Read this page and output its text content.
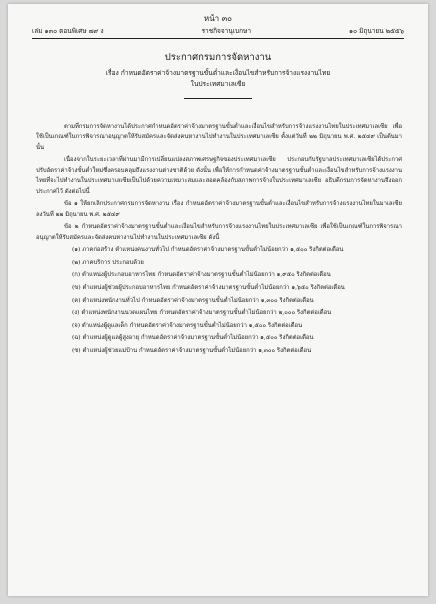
หน้า ๓๐
เล่ม ๑๓๐ ตอนพิเศษ ๗๙ ง	ราชกิจจานุเบกษา	๑๐ มิถุนายน ๒๕๕๖
ประกาศกรมการจัดหางาน
เรื่อง กำหนดอัตราค่าจ้างมาตรฐานขั้นต่ำและเงื่อนไขสำหรับการจ้างแรงงานไทย
ในประเทศมาเลเซีย

ตามที่กรมการจัดหางานได้ประกาศกำหนดอัตราค่าจ้างมาตรฐานขั้นต่ำและเงื่อนไขสำหรับการจ้างแรงงานไทยในประเทศมาเลเซีย เพื่อใช้เป็นเกณฑ์ในการพิจารณาอนุญาตให้รับสมัครและจัดส่งคนหางานไปทำงานในประเทศมาเลเซีย ตั้งแต่วันที่ ๒๒ มิถุนายน พ.ศ. ๒๕๔๙ เป็นต้นมา นั้น

เนื่องจากในระยะเวลาที่ผ่านมามีการเปลี่ยนแปลงสภาพเศรษฐกิจของประเทศมาเลเซีย ประกอบกับรัฐบาลประเทศมาเลเซียได้ประกาศปรับอัตราค่าจ้างขั้นต่ำใหม่ซึ่งครอบคลุมถึงแรงงานต่างชาติด้วย ดังนั้น เพื่อให้การกำหนดค่าจ้างมาตรฐานขั้นต่ำและเงื่อนไขสำหรับการจ้างแรงงานไทยที่จะไปทำงานในประเทศมาเลเซียเป็นไปด้วยความเหมาะสมและสอดคล้องกับสภาพการจ้างในประเทศมาเลเซีย อธิบดีกรมการจัดหางานจึงออกประกาศไว้ ดังต่อไปนี้

ข้อ ๑ ให้ยกเลิกประกาศกรมการจัดหางาน เรื่อง กำหนดอัตราค่าจ้างมาตรฐานขั้นต่ำและเงื่อนไขสำหรับการจ้างแรงงานไทยในมาเลเซีย ลงวันที่ ๒๒ มิถุนายน พ.ศ. ๒๕๔๙

ข้อ ๒ กำหนดอัตราค่าจ้างมาตรฐานขั้นต่ำและเงื่อนไขสำหรับการจ้างแรงงานไทยในประเทศมาเลเซีย เพื่อใช้เป็นเกณฑ์ในการพิจารณาอนุญาตให้รับสมัครและจัดส่งคนหางานไปทำงานในประเทศมาเลเซีย ดังนี้

(๑) ภาคก่อสร้าง ตำแหน่งคนงานทั่วไป กำหนดอัตราค่าจ้างมาตรฐานขั้นต่ำไม่น้อยกว่า ๑,๕๐๐ ริงกิตต่อเดือน

(๒) ภาคบริการ ประกอบด้วย

(ก) ตำแหน่งผู้ประกอบอาหารไทย กำหนดอัตราค่าจ้างมาตรฐานขั้นต่ำไม่น้อยกว่า ๑,๙๕๐ ริงกิตต่อเดือน

(ข) ตำแหน่งผู้ช่วยผู้ประกอบอาหารไทย กำหนดอัตราค่าจ้างมาตรฐานขั้นต่ำไม่น้อยกว่า ๑,๖๕๐ ริงกิตต่อเดือน

(ค) ตำแหน่งพนักงานทั่วไป กำหนดอัตราค่าจ้างมาตรฐานขั้นต่ำไม่น้อยกว่า ๑,๓๐๐ ริงกิตต่อเดือน

(ง) ตำแหน่งพนักงานนวดแผนไทย กำหนดอัตราค่าจ้างมาตรฐานขั้นต่ำไม่น้อยกว่า ๒,๐๐๐ ริงกิตต่อเดือน

(จ) ตำแหน่งผู้ดูแลเด็ก กำหนดอัตราค่าจ้างมาตรฐานขั้นต่ำไม่น้อยกว่า ๑,๕๐๐ ริงกิตต่อเดือน

(ฉ) ตำแหน่งผู้ดูแลผู้สูงอายุ กำหนดอัตราค่าจ้างมาตรฐานขั้นต่ำไม่น้อยกว่า ๑,๕๐๐ ริงกิตต่อเดือน

(ช) ตำแหน่งผู้ช่วยแม่บ้าน กำหนดอัตราค่าจ้างมาตรฐานขั้นต่ำไม่น้อยกว่า ๑,๓๐๐ ริงกิตต่อเดือน
